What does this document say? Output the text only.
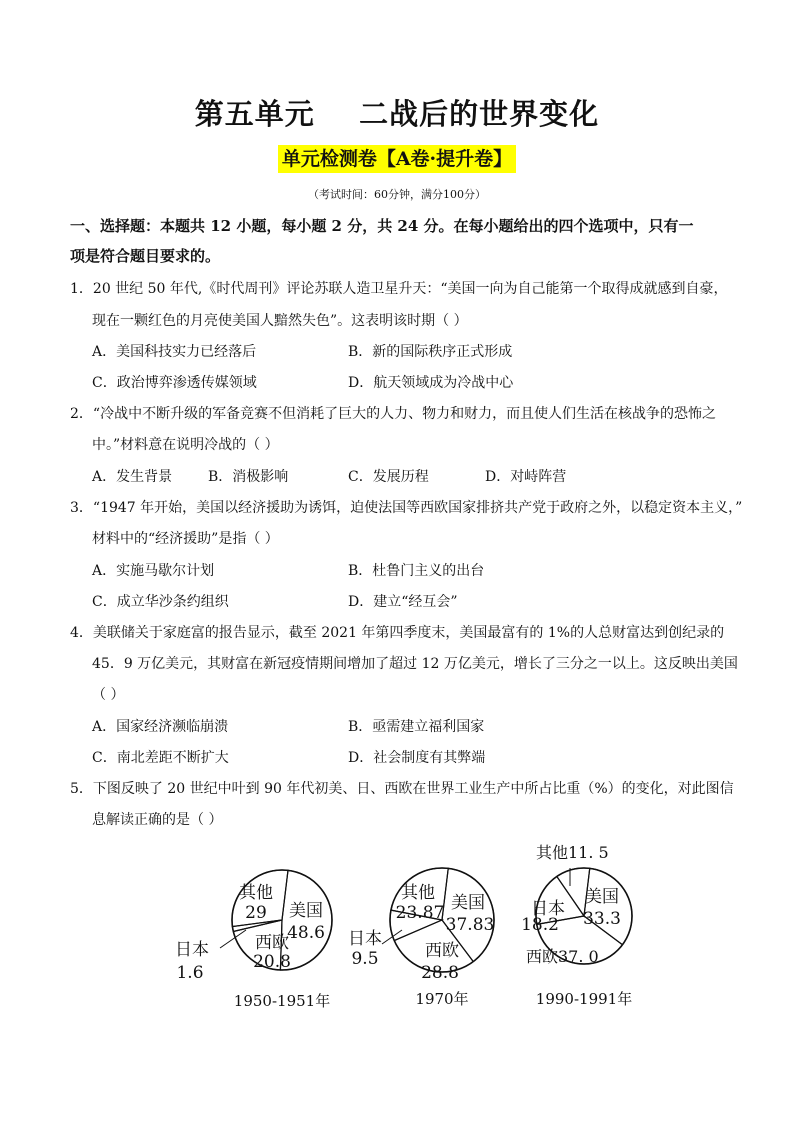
第五单元    二战后的世界变化
单元检测卷【A卷·提升卷】
（考试时间：60分钟，满分100分）
一、选择题：本题共 12 小题，每小题 2 分，共 24 分。在每小题给出的四个选项中，只有一
项是符合题目要求的。
1．20 世纪 50 年代,《时代周刊》评论苏联人造卫星升天：“美国一向为自己能第一个取得成就感到自豪，
现在一颗红色的月亮使美国人黯然失色”。这表明该时期（ ）
A．美国科技实力已经落后	B．新的国际秩序正式形成
C．政治博弈渗透传媒领域	D．航天领域成为冷战中心
2．“冷战中不断升级的军备竞赛不但消耗了巨大的人力、物力和财力，而且使人们生活在核战争的恐怖之
中。”材料意在说明冷战的（ ）
A．发生背景	B．消极影响	C．发展历程	D．对峙阵营
3．“1947 年开始，美国以经济援助为诱饵，迫使法国等西欧国家排挤共产党于政府之外，以稳定资本主义，”
材料中的“经济援助”是指（ ）
A．实施马歇尔计划	B．杜鲁门主义的出台
C．成立华沙条约组织	D．建立“经互会”
4．美联储关于家庭富的报告显示，截至 2021 年第四季度末，美国最富有的 1%的人总财富达到创纪录的
45．9 万亿美元，其财富在新冠疫情期间增加了超过 12 万亿美元，增长了三分之一以上。这反映出美国
（ ）
A．国家经济濒临崩溃	B．亟需建立福利国家
C．南北差距不断扩大	D．社会制度有其弊端
5．下图反映了 20 世纪中叶到 90 年代初美、日、西欧在世界工业生产中所占比重（%）的变化，对此图信
息解读正确的是（ ）
美国
48.6
西欧
20.8
日本
1.6
其他
29
1950-1951年
美国
37.83
西欧
28.8
日本
9.5
其他
23.87
1970年
美国
33.3
西欧 37. 0
日本
18.2
其他 11. 5
1990-1991年
